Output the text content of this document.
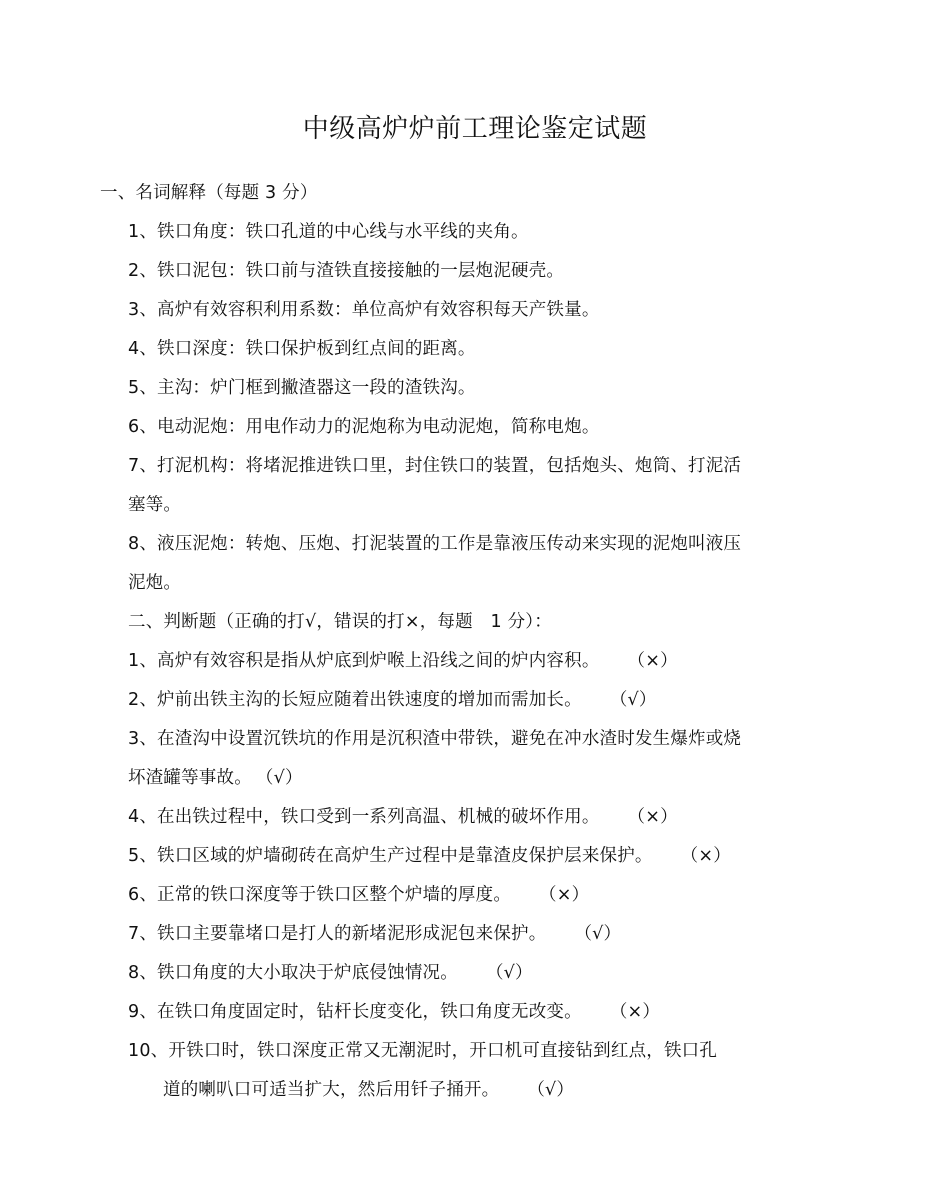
中级高炉炉前工理论鉴定试题
一、名词解释（每题 3 分）
1、铁口角度：铁口孔道的中心线与水平线的夹角。
2、铁口泥包：铁口前与渣铁直接接触的一层炮泥硬壳。
3、高炉有效容积利用系数：单位高炉有效容积每天产铁量。
4、铁口深度：铁口保护板到红点间的距离。
5、主沟：炉门框到撇渣器这一段的渣铁沟。
6、电动泥炮：用电作动力的泥炮称为电动泥炮，简称电炮。
7、打泥机构：将堵泥推进铁口里，封住铁口的装置，包括炮头、炮筒、打泥活
塞等。
8、液压泥炮：转炮、压炮、打泥装置的工作是靠液压传动来实现的泥炮叫液压
泥炮。
二、判断题（正确的打√，错误的打×，每题　1 分）：
1、高炉有效容积是指从炉底到炉喉上沿线之间的炉内容积。 （×）
2、炉前出铁主沟的长短应随着出铁速度的增加而需加长。 （√）
3、在渣沟中设置沉铁坑的作用是沉积渣中带铁，避免在冲水渣时发生爆炸或烧
坏渣罐等事故。 （√）
4、在出铁过程中，铁口受到一系列高温、机械的破坏作用。 （×）
5、铁口区域的炉墙砌砖在高炉生产过程中是靠渣皮保护层来保护。 （×）
6、正常的铁口深度等于铁口区整个炉墙的厚度。 （×）
7、铁口主要靠堵口是打人的新堵泥形成泥包来保护。 （√）
8、铁口角度的大小取决于炉底侵蚀情况。 （√）
9、在铁口角度固定时，钻杆长度变化，铁口角度无改变。 （×）
10、开铁口时，铁口深度正常又无潮泥时，开口机可直接钻到红点，铁口孔
道的喇叭口可适当扩大，然后用钎子捅开。 （√）
